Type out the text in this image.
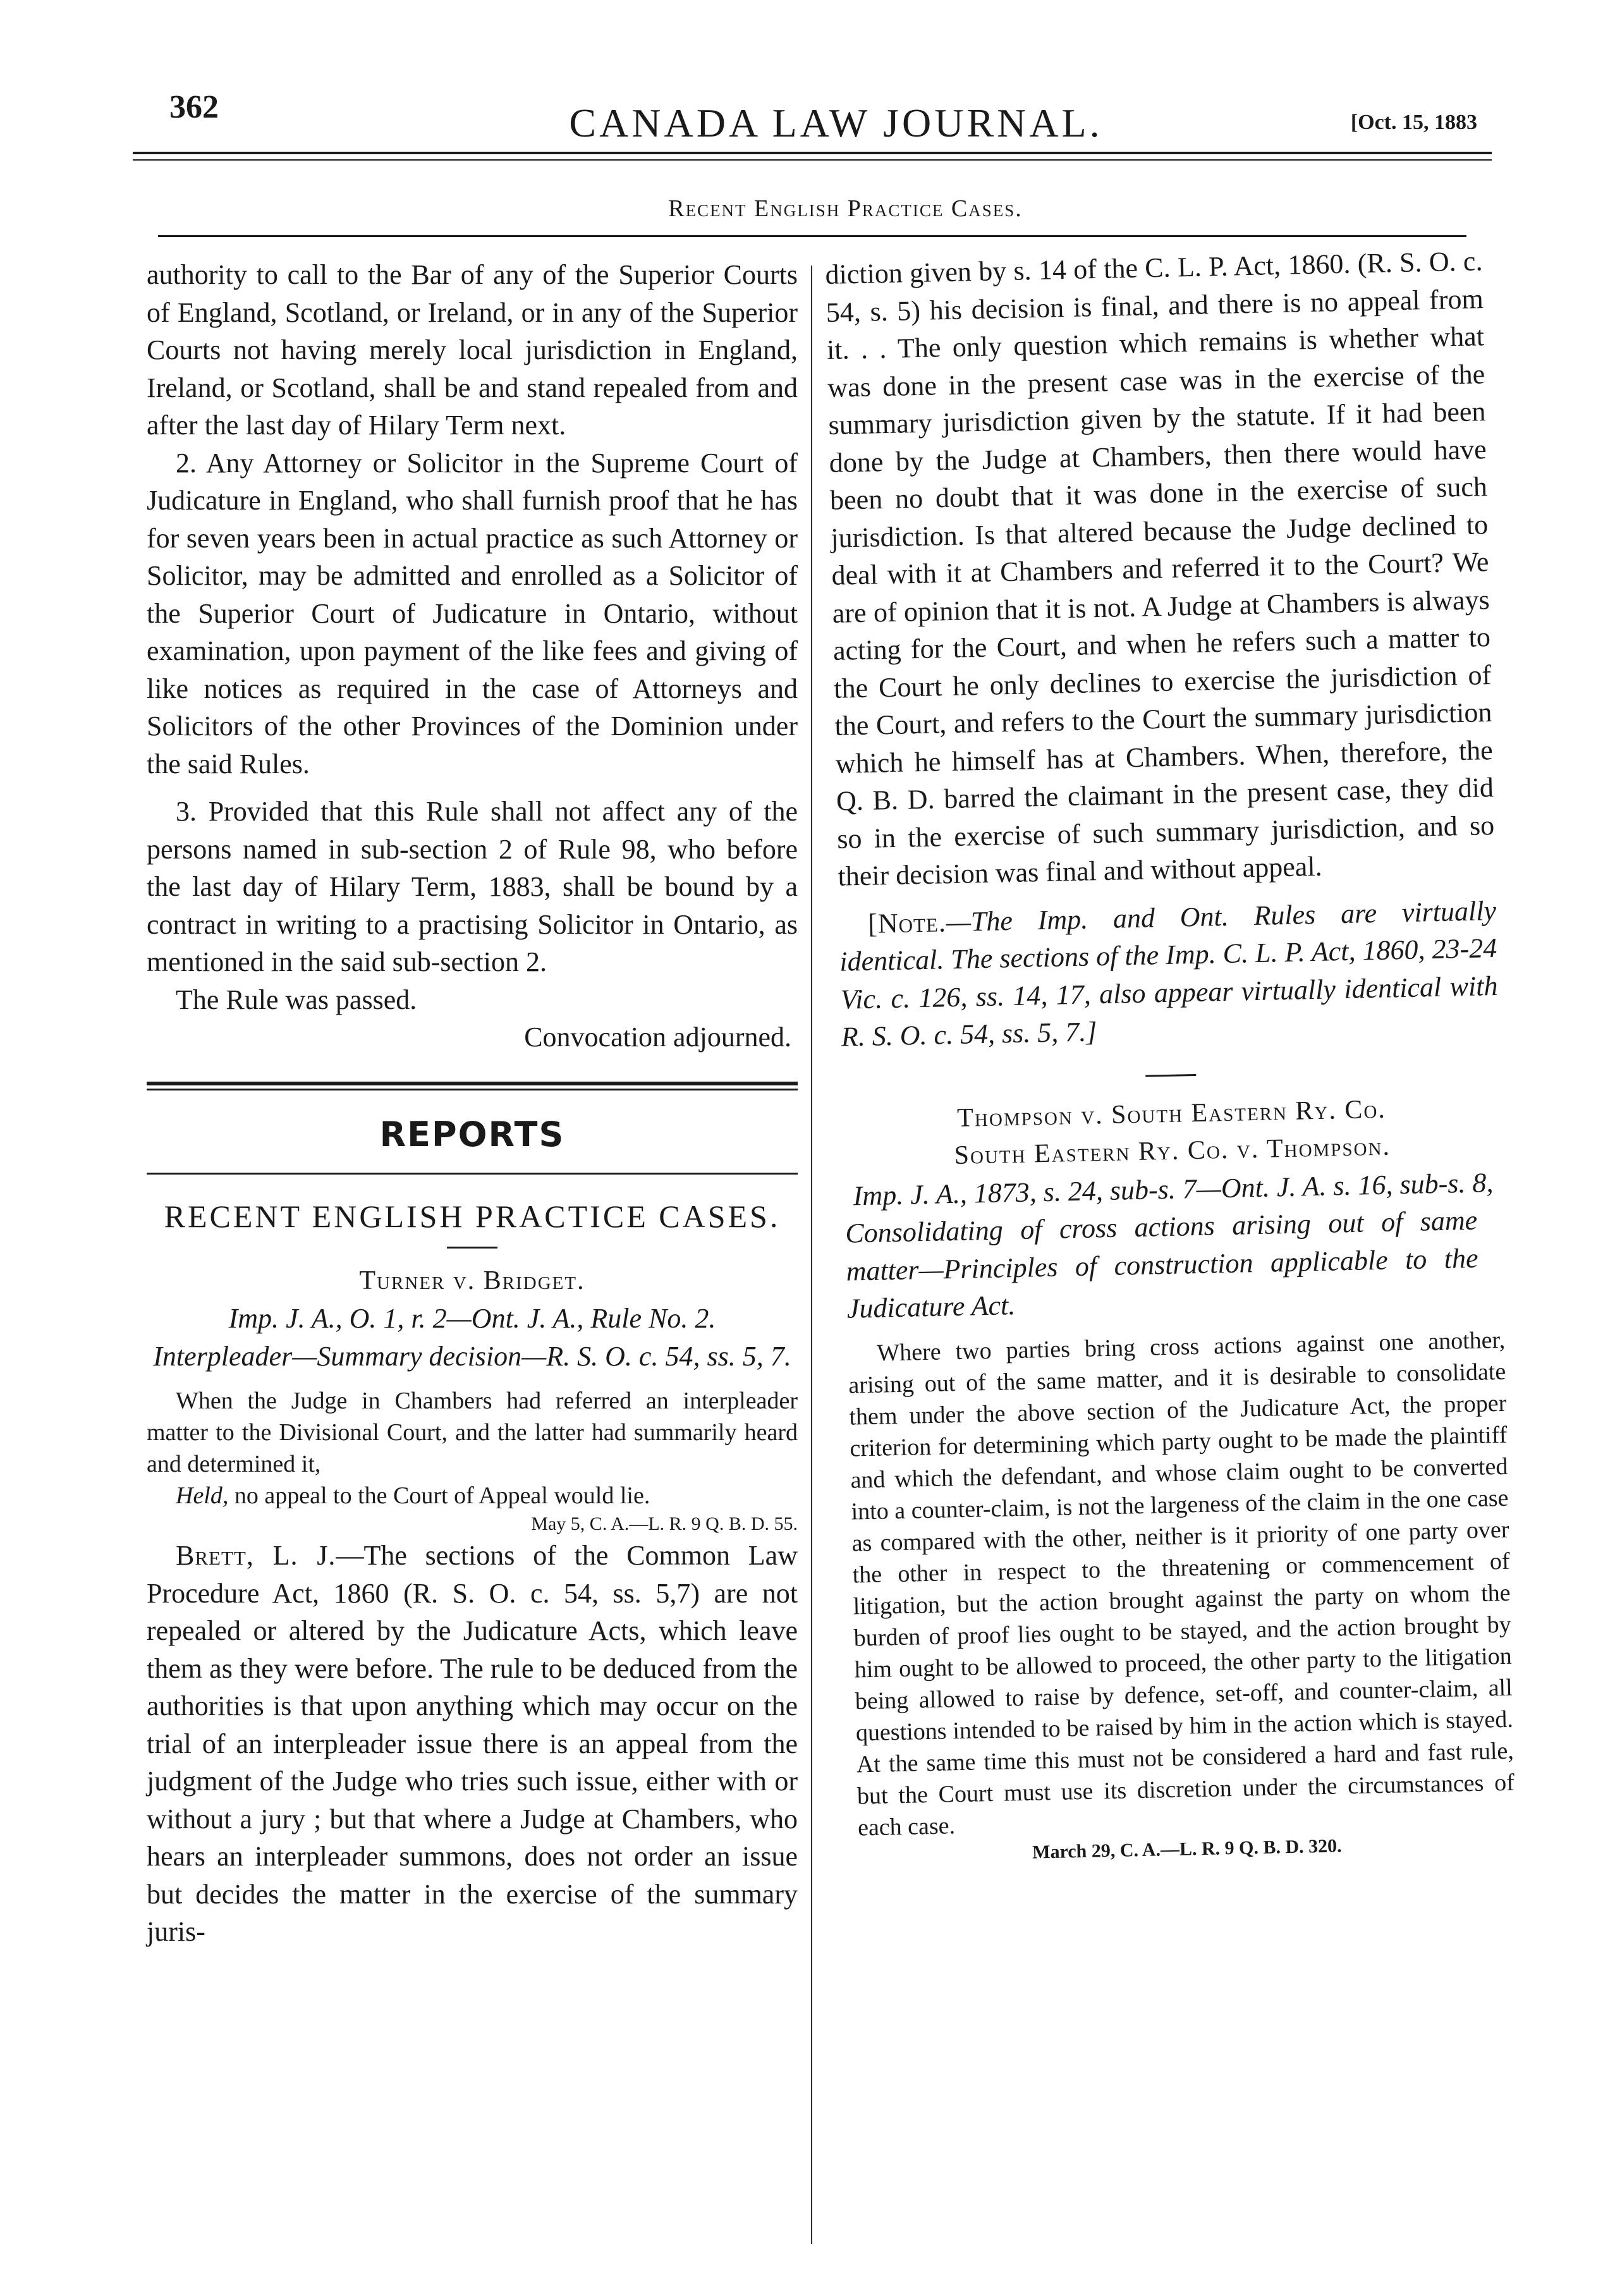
362	CANADA LAW JOURNAL.	[Oct. 15, 1883
Recent English Practice Cases.

authority to call to the Bar of any of the Superior Courts of England, Scotland, or Ireland, or in any of the Superior Courts not having merely local jurisdiction in England, Ireland, or Scotland, shall be and stand repealed from and after the last day of Hilary Term next.

2. Any Attorney or Solicitor in the Supreme Court of Judicature in England, who shall furnish proof that he has for seven years been in actual practice as such Attorney or Solicitor, may be admitted and enrolled as a Solicitor of the Superior Court of Judicature in Ontario, without examination, upon payment of the like fees and giving of like notices as required in the case of Attorneys and Solicitors of the other Provinces of the Dominion under the said Rules.

3. Provided that this Rule shall not affect any of the persons named in sub-section 2 of Rule 98, who before the last day of Hilary Term, 1883, shall be bound by a contract in writing to a practising Solicitor in Ontario, as mentioned in the said sub-section 2.

The Rule was passed.

Convocation adjourned.

REPORTS
RECENT ENGLISH PRACTICE CASES.

Turner v. Bridget.

Imp. J. A., O. 1, r. 2—Ont. J. A., Rule No. 2.

Interpleader—Summary decision—R. S. O. c. 54, ss. 5, 7.

When the Judge in Chambers had referred an interpleader matter to the Divisional Court, and the latter had summarily heard and determined it,

Held, no appeal to the Court of Appeal would lie.

May 5, C. A.—L. R. 9 Q. B. D. 55.

Brett, L. J.—The sections of the Common Law Procedure Act, 1860 (R. S. O. c. 54, ss. 5,7) are not repealed or altered by the Judicature Acts, which leave them as they were before. The rule to be deduced from the authorities is that upon anything which may occur on the trial of an interpleader issue there is an appeal from the judgment of the Judge who tries such issue, either with or without a jury ; but that where a Judge at Chambers, who hears an interpleader summons, does not order an issue but decides the matter in the exercise of the summary juris-

diction given by s. 14 of the C. L. P. Act, 1860. (R. S. O. c. 54, s. 5) his decision is final, and there is no appeal from it. . . The only question which remains is whether what was done in the present case was in the exercise of the summary jurisdiction given by the statute. If it had been done by the Judge at Chambers, then there would have been no doubt that it was done in the exercise of such jurisdiction. Is that altered because the Judge declined to deal with it at Chambers and referred it to the Court? We are of opinion that it is not. A Judge at Chambers is always acting for the Court, and when he refers such a matter to the Court he only declines to exercise the jurisdiction of the Court, and refers to the Court the summary jurisdiction which he himself has at Chambers. When, therefore, the Q. B. D. barred the claimant in the present case, they did so in the exercise of such summary jurisdiction, and so their decision was final and without appeal.

[Note.—The Imp. and Ont. Rules are virtually identical. The sections of the Imp. C. L. P. Act, 1860, 23-24 Vic. c. 126, ss. 14, 17, also appear virtually identical with R. S. O. c. 54, ss. 5, 7.]

Thompson v. South Eastern Ry. Co.

South Eastern Ry. Co. v. Thompson.

Imp. J. A., 1873, s. 24, sub-s. 7—Ont. J. A. s. 16, sub-s. 8,

Consolidating of cross actions arising out of same matter—Principles of construction applicable to the Judicature Act.

Where two parties bring cross actions against one another, arising out of the same matter, and it is desirable to consolidate them under the above section of the Judicature Act, the proper criterion for determining which party ought to be made the plaintiff and which the defendant, and whose claim ought to be converted into a counter-claim, is not the largeness of the claim in the one case as compared with the other, neither is it priority of one party over the other in respect to the threatening or commencement of litigation, but the action brought against the party on whom the burden of proof lies ought to be stayed, and the action brought by him ought to be allowed to proceed, the other party to the litigation being allowed to raise by defence, set-off, and counter-claim, all questions intended to be raised by him in the action which is stayed. At the same time this must not be considered a hard and fast rule, but the Court must use its discretion under the circumstances of each case.

March 29, C. A.—L. R. 9 Q. B. D. 320.
